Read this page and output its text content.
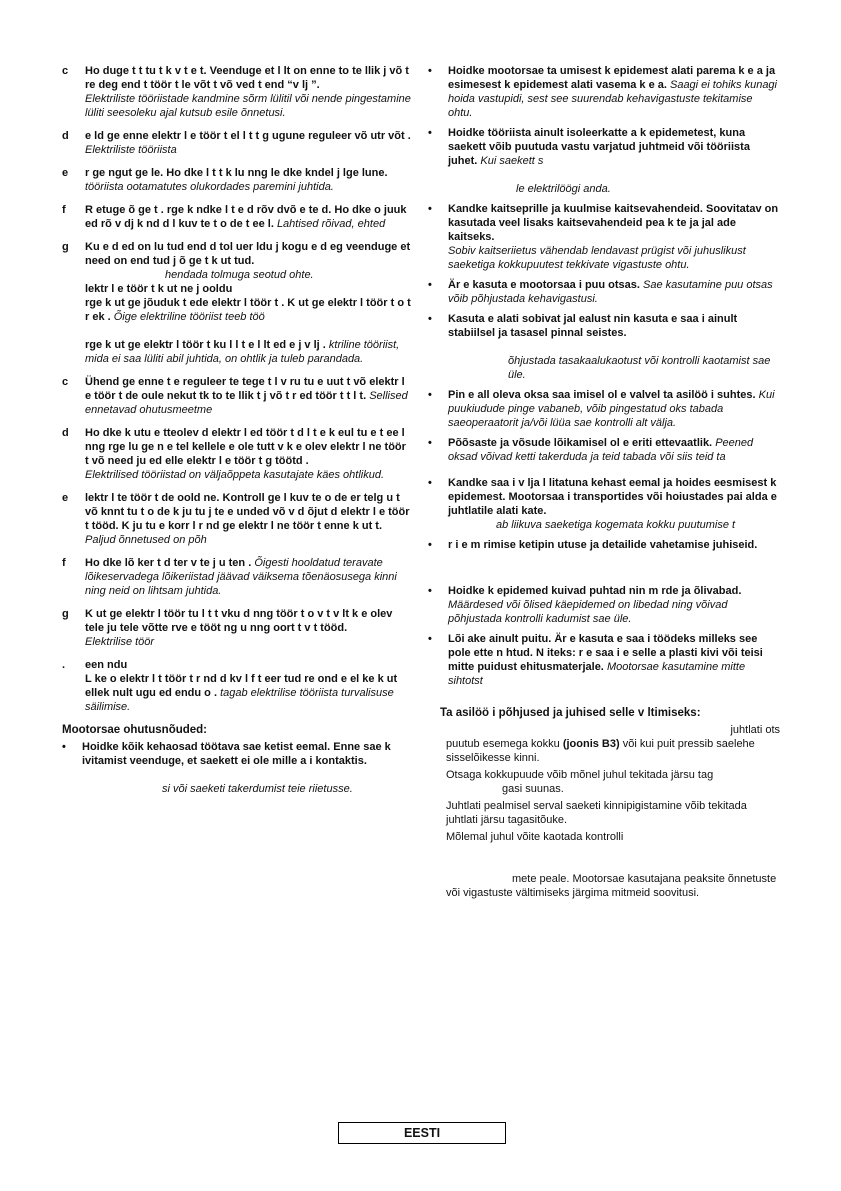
c Ho duge t t tu t k v t e t. Veenduge et l lt on enne to te llik j võ t re deg end t töör t le võt t võ ved t end “v lj ”.
Elektriliste tööriistade kandmine sõrm lülitil või nende pingestamine lüliti seesoleku ajal kutsub esile õnnetusi.
d e ld ge enne elektr l e töör t el l t t g ugune reguleer võ utr võt . Elektriliste tööriista
e r ge ngut ge le. Ho dke l t t k lu nng le dke kndel j lge lune.
tööriista ootamatutes olukordades paremini juhtida.
f R etuge õ ge t . rge k ndke l t e d rõv dvõ e te d. Ho dke o juuk ed rõ v dj k nd d l kuv te t o de t ee l. Lahtised rõivad, ehted
g Ku e d ed on lu tud end d tol uer ldu j kogu e d eg veenduge et need on end tud j õ ge t k ut tud.
hendada tolmuga seotud ohte.
lektr l e töör t k ut ne j ooldu
rge k ut ge jõuduk t ede elektr l töör t . K ut ge elektr l töör t o t r ek . Õige elektriline tööriist teeb töö
rge k ut ge elektr l töör t ku l l t e l lt ed e j v lj . ktriline tööriist, mida ei saa lüliti abil juhtida, on ohtlik ja tuleb parandada.
c Ühend ge enne t e reguleer te tege t l v ru tu e uut t võ elektr l e töör t de oule nekut tk to te llik t j võ t r ed töör t t l t. Sellised ennetavad ohutusmeetme
d Ho dke k utu e tteolev d elektr l ed töör t d l t e k eul tu e t ee l nng rge lu ge n e tel kellele e ole tutt v k e olev elektr l ne töör t võ need ju ed elle elektr l e töör t g töötd .
Elektrilised tööriistad on väljaõppeta kasutajate käes ohtlikud.
e lektr l te töör t de oold ne. Kontroll ge l kuv te o de er telg u t võ knnt tu t o de k ju tu j te e unded võ v d õjut d elektr l e töör t tööd. K ju tu e korr l r nd ge elektr l ne töör t enne k ut t. Paljud õnnetused on põh
f Ho dke lõ ker t d ter v te j u ten . Õigesti hooldatud teravate lõikeservadega lõikeriistad jäävad väiksema tõenäosusega kinni ning neid on lihtsam juhtida.
g K ut ge elektr l töör tu l t t vku d nng töör t o v t v lt k e olev tele ju tele võtte rve e tööt ng u nng oort t v t tööd.
Elektrilise töör
. een ndu
L ke o elektr l t töör t r nd d kv l f t eer tud re ond e el ke k ut ellek nult ugu ed endu o . tagab elektrilise tööriista turvalisuse säilimise.
Mootorsae ohutusnõuded:
• Hoidke kõik kehaosad töötava sae ketist eemal. Enne sae k ivitamist veenduge, et saekett ei ole mille a i kontaktis.
si või saeketi takerdumist teie riietusse.
• Hoidke mootorsae ta umisest k epidemest alati parema k e a ja esimesest k epidemest alati vasema k e a. Saagi ei tohiks kunagi hoida vastupidi, sest see suurendab kehavigastuste tekitamise ohtu.
• Hoidke tööriista ainult isoleerkatte a k epidemetest, kuna saekett võib puutuda vastu varjatud juhtmeid või tööriista juhet. Kui saekett s
le elektrilöögi anda.
• Kandke kaitseprille ja kuulmise kaitsevahendeid. Soovitatav on kasutada veel lisaks kaitsevahendeid pea k te ja jal ade kaitseks.
Sobiv kaitseriietus vähendab lendavast prügist või juhuslikust saeketiga kokkupuutest tekkivate vigastuste ohtu.
• Är e kasuta e mootorsaa i puu otsas. Sae kasutamine puu otsas võib põhjustada kehavigastusi.
• Kasuta e alati sobivat jal ealust nin kasuta e saa i ainult stabiilsel ja tasasel pinnal seistes.
õhjustada tasakaalukaotust või kontrolli kaotamist sae üle.
• Pin e all oleva oksa saa imisel ol e valvel ta asilöö i suhtes. Kui puukiudude pinge vabaneb, võib pingestatud oks tabada saeoperaatorit ja/või lüüa sae kontrolli alt välja.
• Põõsaste ja võsude lõikamisel ol e eriti ettevaatlik. Peened oksad võivad ketti takerduda ja teid tabada või siis teid ta
• Kandke saa i v lja l litatuna kehast eemal ja hoides eesmisest k epidemest. Mootorsaa i transportides või hoiustades pai alda e juhtlatile alati kate.
ab liikuva saeketiga kogemata kokku puutumise t
• r i e m rimise ketipin utuse ja detailide vahetamise juhiseid.
• Hoidke k epidemed kuivad puhtad nin m rde ja õlivabad. Määrdesed või õlised käepidemed on libedad ning võivad põhjustada kontrolli kadumist sae üle.
• Lõi ake ainult puitu. Är e kasuta e saa i töödeks milleks see pole ette n htud. N iteks: r e saa i e selle a plasti kivi või teisi mitte puidust ehitusmaterjale. Mootorsae kasutamine mitte sihtotst
Ta asilöö i põhjused ja juhised selle v ltimiseks:
juhtlati ots
puutub esemega kokku (joonis B3) või kui puit pressib saelehe sisselõikesse kinni.
Otsaga kokkupuude võib mõnel juhul tekitada järsu tag
gasi suunas.
Juhtlati pealmisel serval saeketi kinnipigistamine võib tekitada juhtlati järsu tagasitõuke.
Mõlemal juhul võite kaotada kontrolli
mete peale. Mootorsae kasutajana peaksite õnnetuste või vigastuste vältimiseks järgima mitmeid soovitusi.
EESTI
